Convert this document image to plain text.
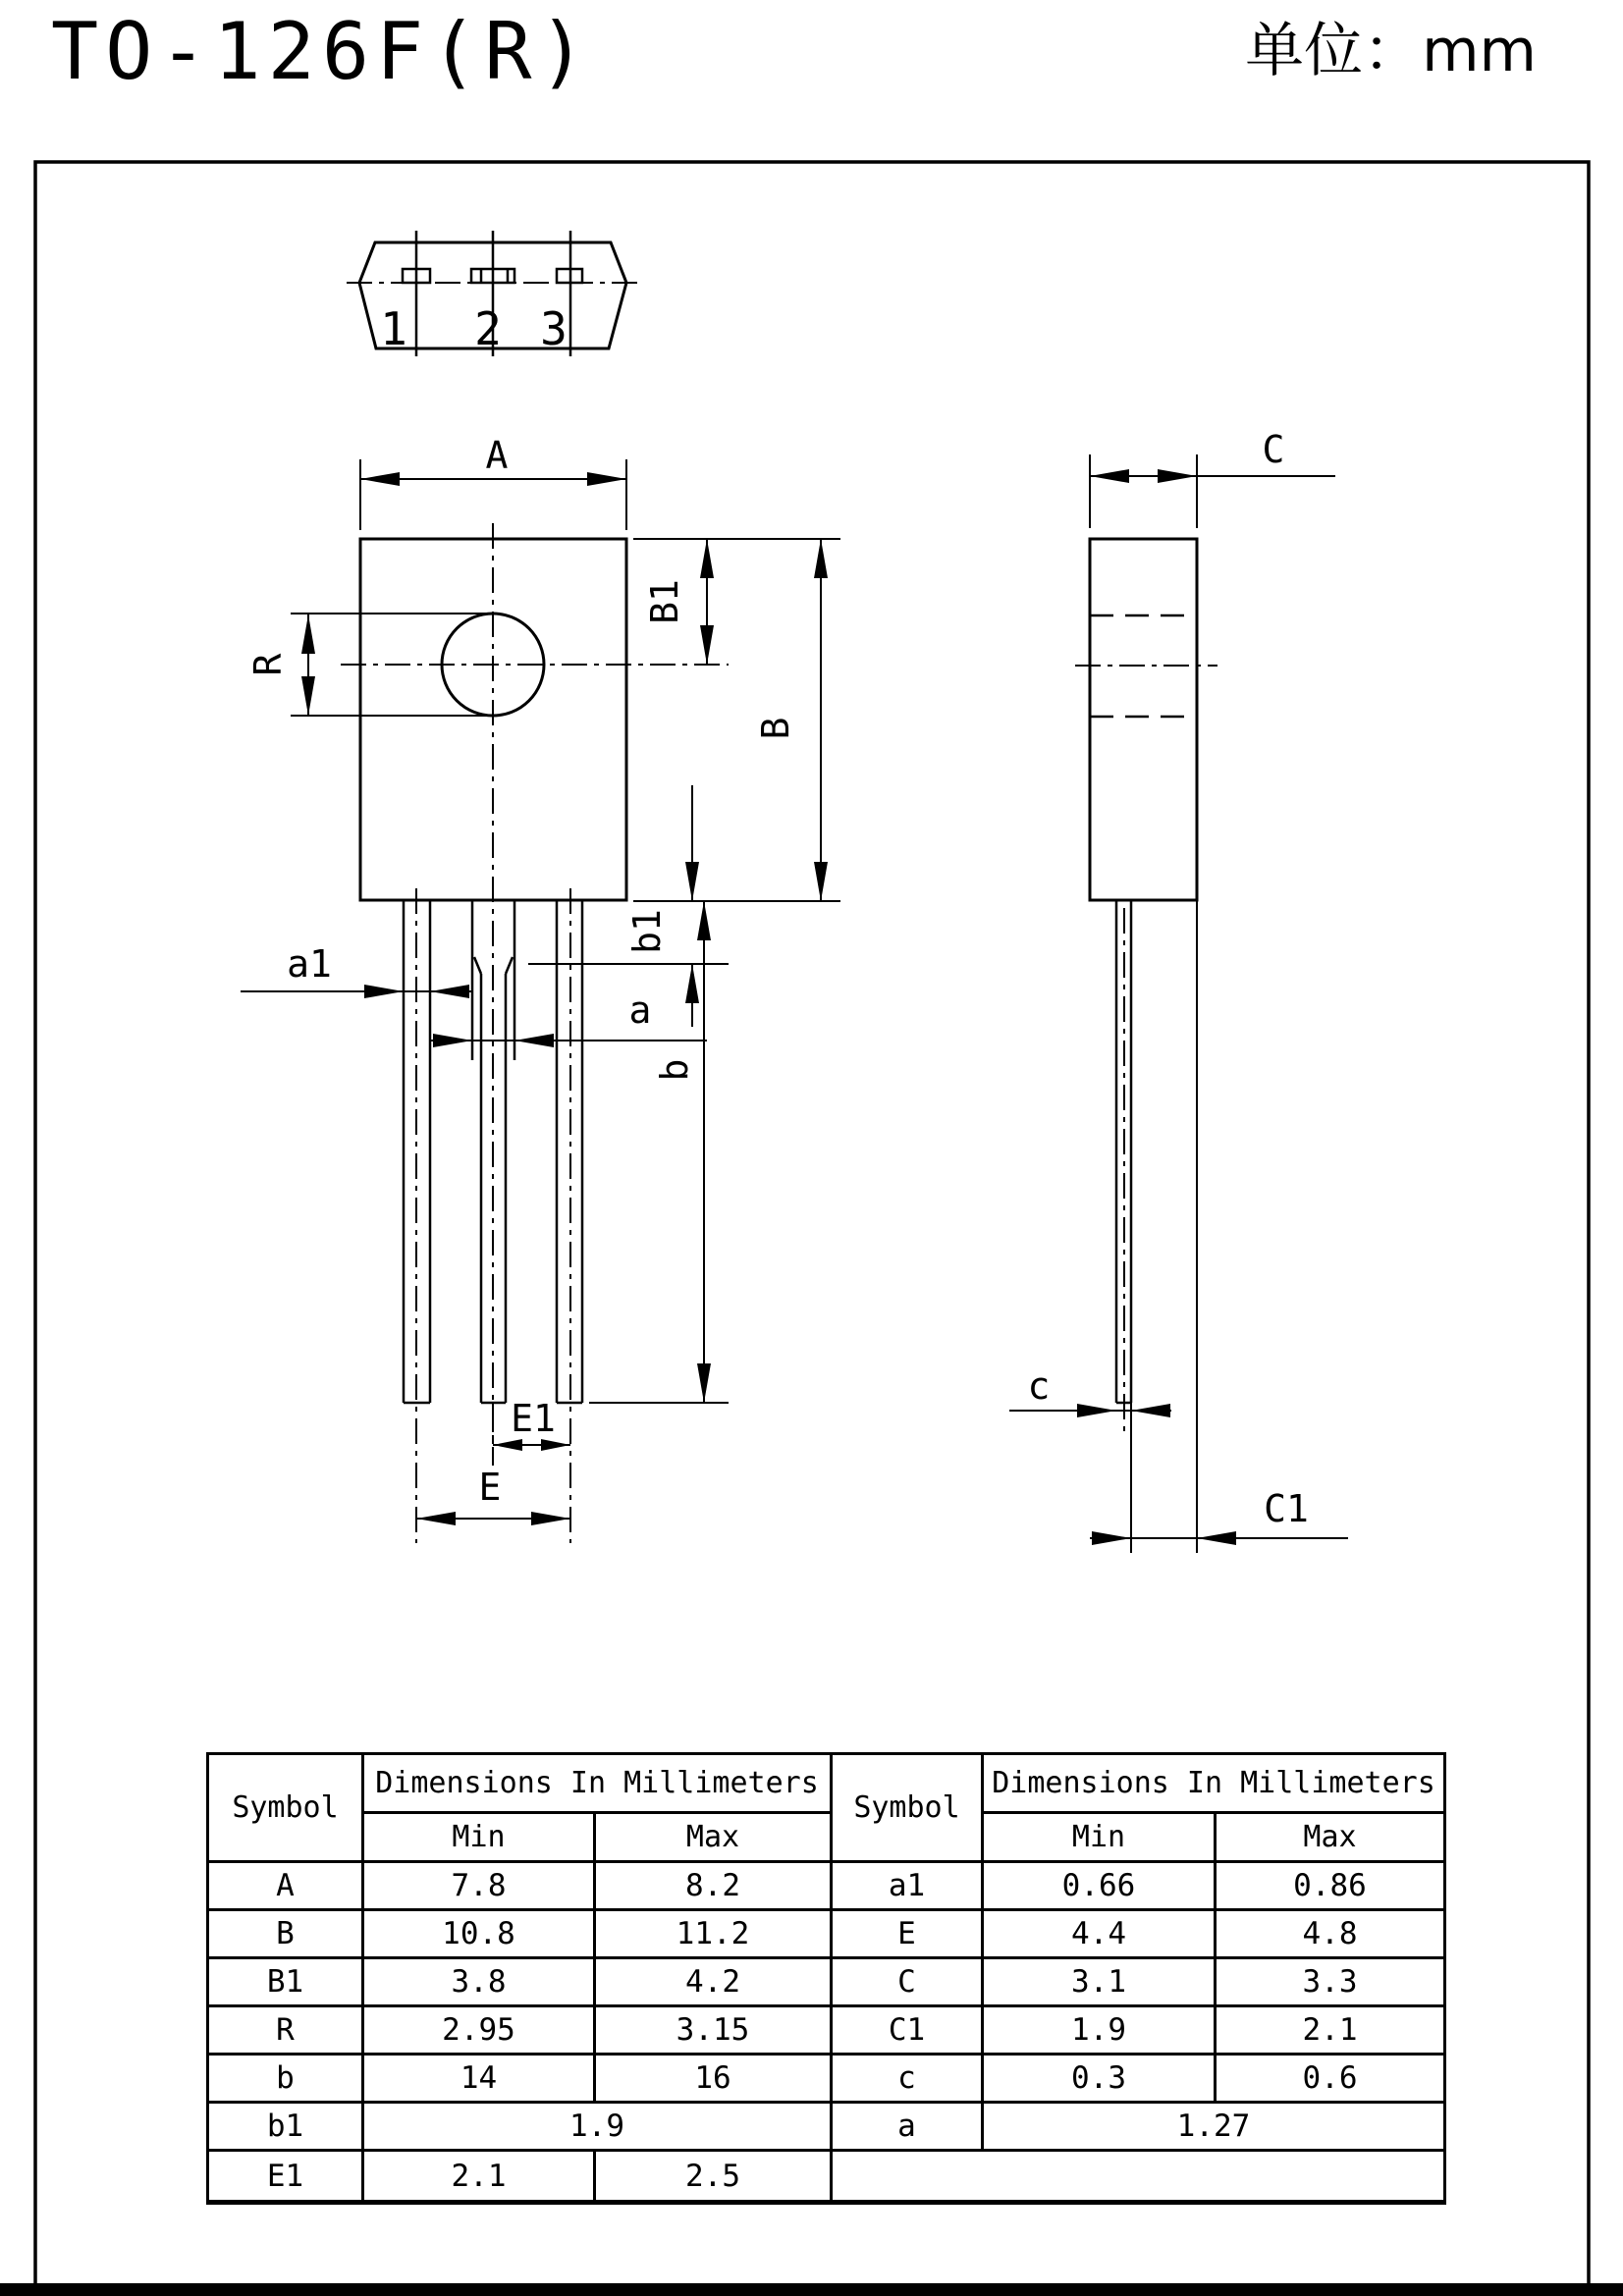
TO-126F(R)	单位：mm
1 2 3
A
R
B1
B
b1
a1
a
b
E1
E
C
c
C1
Symbol	Dimensions In Millimeters	
	Min	Max
A	7.8	8.2
B	10.8	11.2
B1	3.8	4.2
R	2.95	3.15
b	14	16
b1	1.9	
E1	2.1	2.5
Symbol	Dimensions In Millimeters	
	Min	Max
a1	0.66	0.86
E	4.4	4.8
C	3.1	3.3
C1	1.9	2.1
c	0.3	0.6
a	1.27	
